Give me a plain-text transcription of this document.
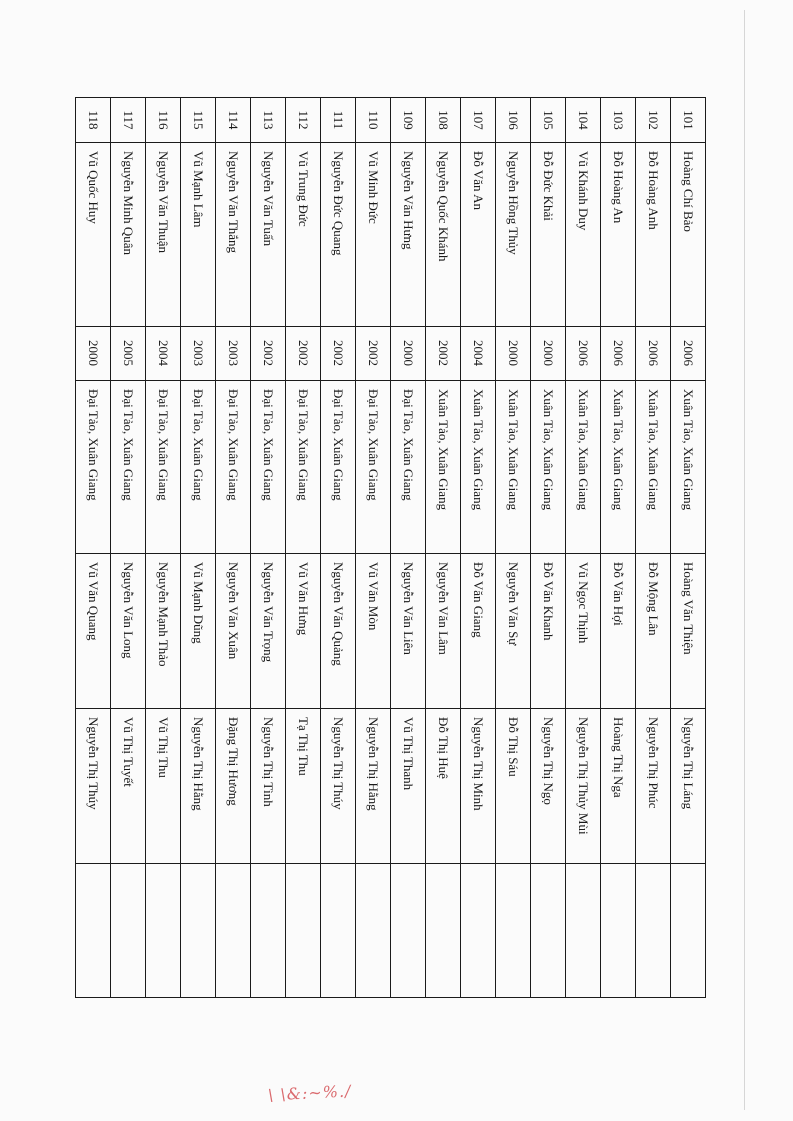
101	Hoàng Chí Bảo	2006	Xuân Tảo, Xuân Giang	Hoàng Văn Thiện	Nguyễn Thị Láng	
102	Đỗ Hoàng Anh	2006	Xuân Tảo, Xuân Giang	Đỗ Mộng Lân	Nguyễn Thị Phúc	
103	Đỗ Hoàng An	2006	Xuân Tảo, Xuân Giang	Đỗ Văn Hợi	Hoàng Thị Nga	
104	Vũ Khánh Duy	2006	Xuân Tảo, Xuân Giang	Vũ Ngọc Thịnh	Nguyễn Thị Thủy Mùi	
105	Đỗ Đức Khải	2000	Xuân Tảo, Xuân Giang	Đỗ Văn Khanh	Nguyễn Thị Ngọ	
106	Nguyễn Hồng Thủy	2000	Xuân Tảo, Xuân Giang	Nguyễn Văn Sự	Đỗ Thị Sáu	
107	Đỗ Văn An	2004	Xuân Tảo, Xuân Giang	Đỗ Văn Giang	Nguyễn Thị Minh	
108	Nguyễn Quốc Khánh	2002	Xuân Tảo, Xuân Giang	Nguyễn Văn Lâm	Đỗ Thị Huệ	
109	Nguyễn Văn Hưng	2000	Đại Tảo, Xuân Giang	Nguyễn Văn Liên	Vũ Thị Thanh	
110	Vũ Minh Đức	2002	Đại Tảo, Xuân Giang	Vũ Văn Mòn	Nguyễn Thị Hằng	
111	Nguyễn Đức Quang	2002	Đại Tảo, Xuân Giang	Nguyễn Văn Quảng	Nguyễn Thị Thúy	
112	Vũ Trung Đức	2002	Đại Tảo, Xuân Giang	Vũ Văn Hưng	Tạ Thị Thu	
113	Nguyễn Văn Tuấn	2002	Đại Tảo, Xuân Giang	Nguyễn Văn Trọng	Nguyễn Thị Tình	
114	Nguyễn Văn Thắng	2003	Đại Tảo, Xuân Giang	Nguyễn Văn Xuân	Đặng Thị Hương	
115	Vũ Mạnh Lâm	2003	Đại Tảo, Xuân Giang	Vũ Mạnh Dũng	Nguyễn Thị Hằng	
116	Nguyễn Văn Thuận	2004	Đại Tảo, Xuân Giang	Nguyễn Mạnh Thảo	Vũ Thị Thu	
117	Nguyễn Minh Quân	2005	Đại Tảo, Xuân Giang	Nguyễn Văn Long	Vũ Thị Tuyết	
118	Vũ Quốc Huy	2000	Đại Tảo, Xuân Giang	Vũ Văn Quang	Nguyễn Thị Thúy	
\ \&:~%./
